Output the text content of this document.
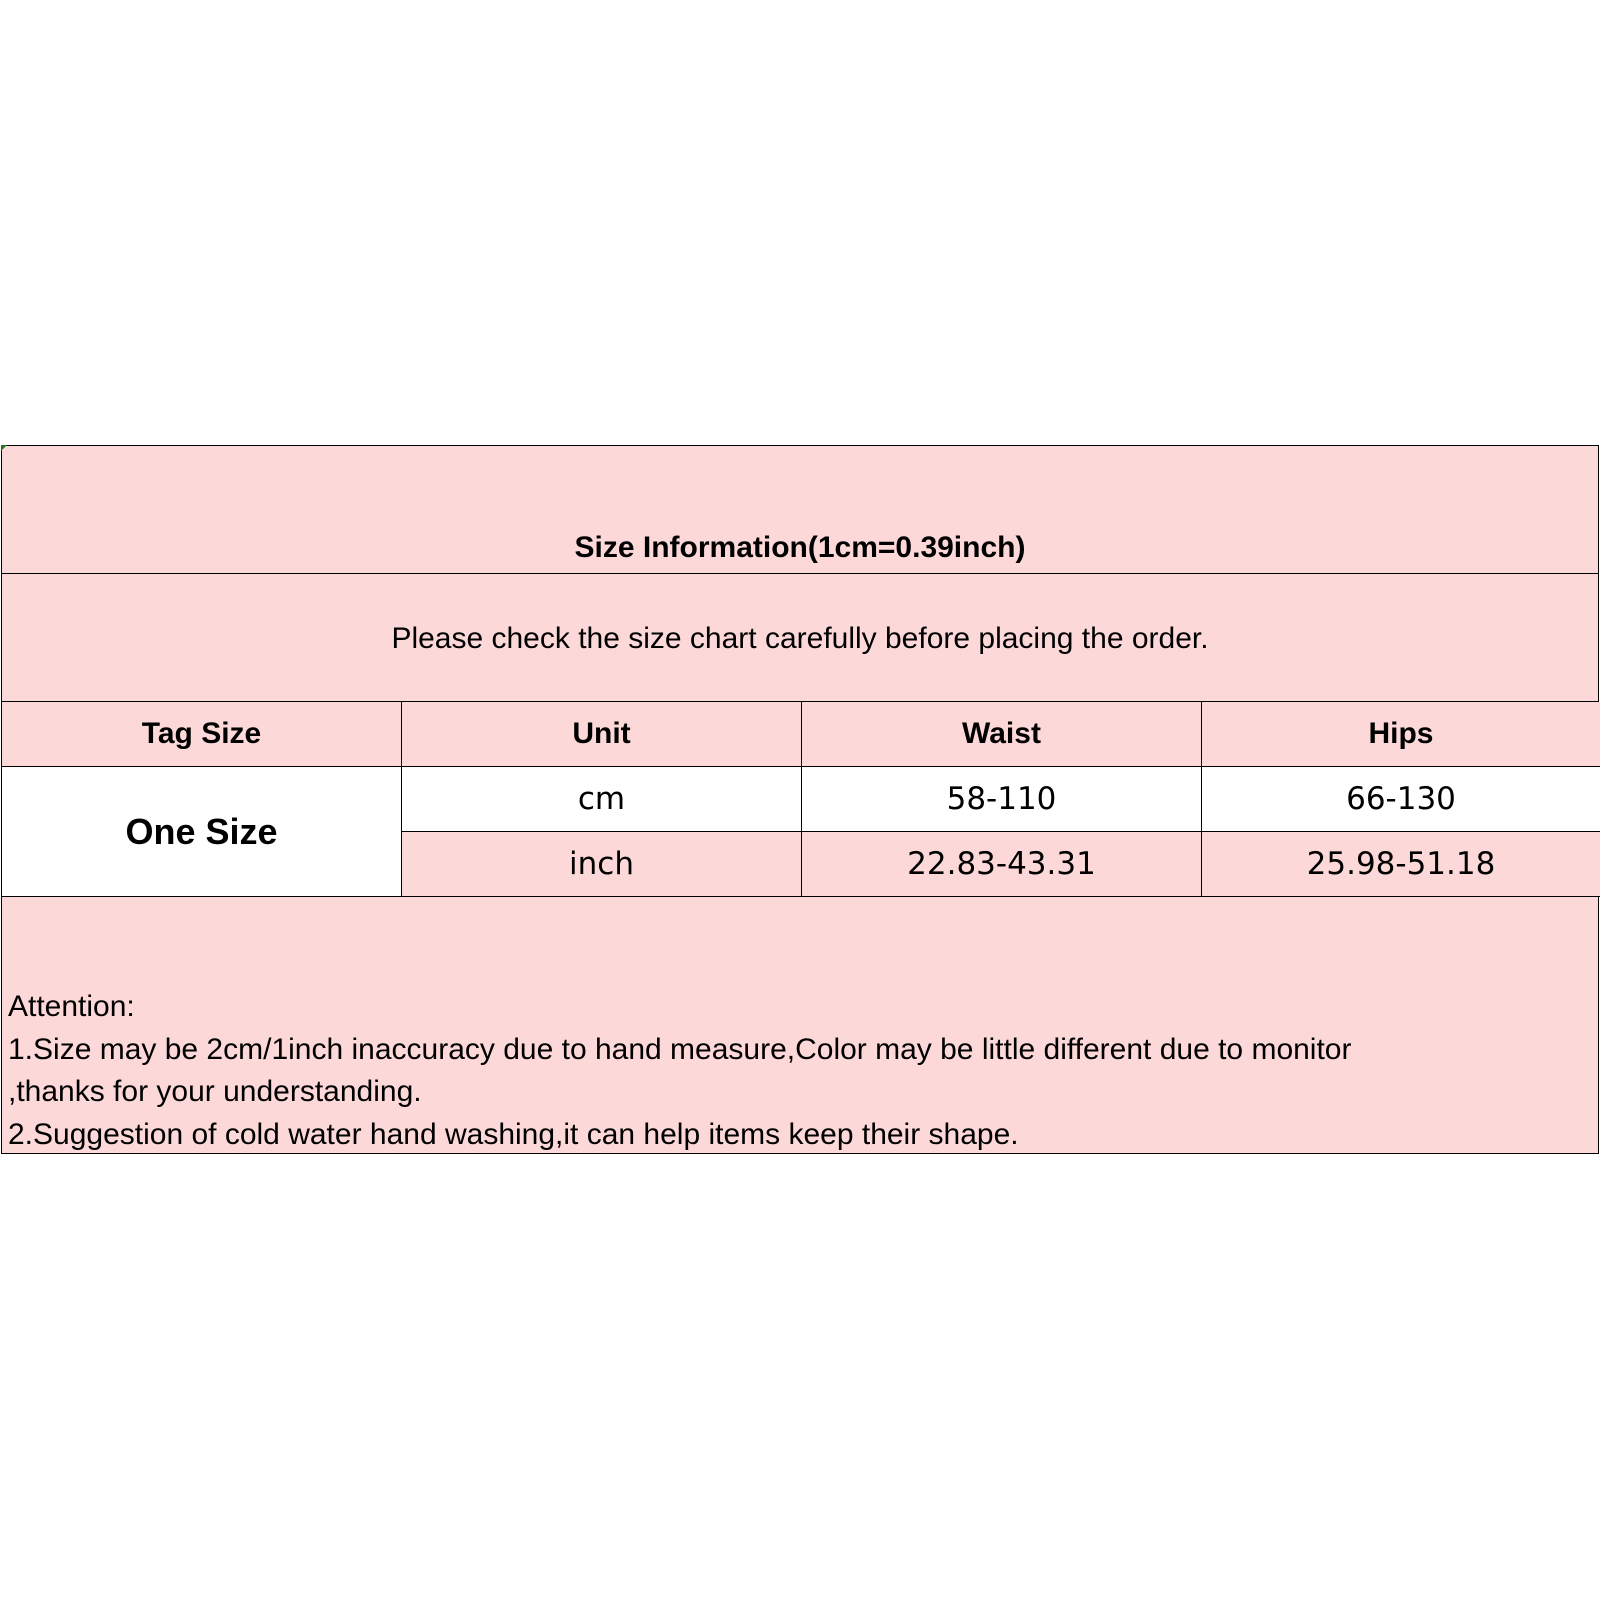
Size Information(1cm=0.39inch)
Please check the size chart carefully before placing the order.
Tag Size	Unit	Waist	Hips
One Size
cm	58-110	66-130
inch	22.83-43.31	25.98-51.18
Attention:
1.Size may be 2cm/1inch inaccuracy due to hand measure,Color may be little different due to monitor
,thanks for your understanding.
2.Suggestion of cold water hand washing,it can help items keep their shape.
